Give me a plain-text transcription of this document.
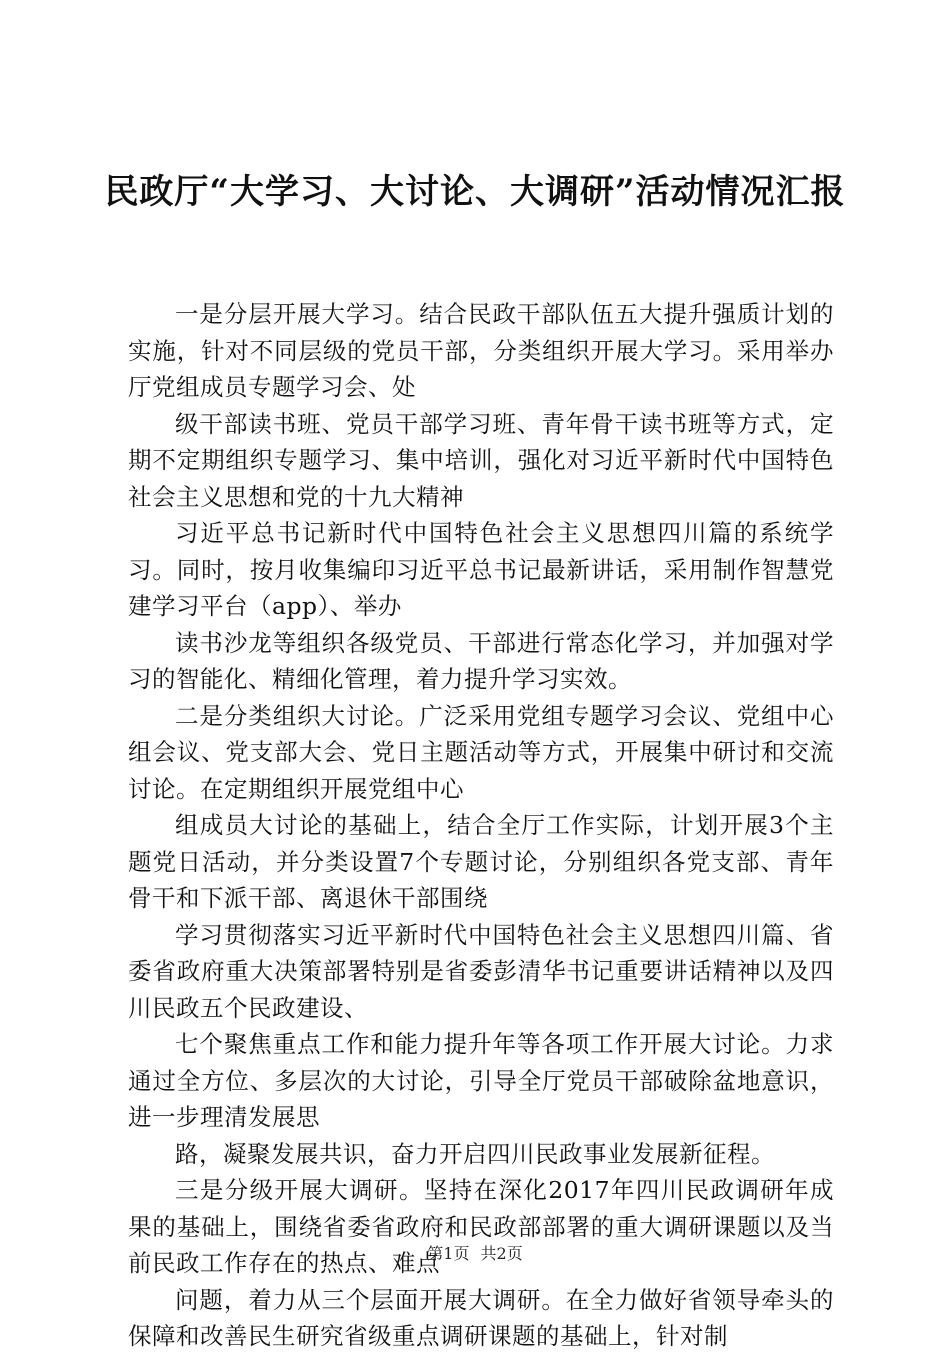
民政厅“大学习、大讨论、大调研”活动情况汇报

一是分层开展大学习。结合民政干部队伍五大提升强质计划的实施，针对不同层级的党员干部，分类组织开展大学习。采用举办厅党组成员专题学习会、处

级干部读书班、党员干部学习班、青年骨干读书班等方式，定期不定期组织专题学习、集中培训，强化对习近平新时代中国特色社会主义思想和党的十九大精神

习近平总书记新时代中国特色社会主义思想四川篇的系统学习。同时，按月收集编印习近平总书记最新讲话，采用制作智慧党建学习平台（app）、举办

读书沙龙等组织各级党员、干部进行常态化学习，并加强对学习的智能化、精细化管理，着力提升学习实效。

二是分类组织大讨论。广泛采用党组专题学习会议、党组中心组会议、党支部大会、党日主题活动等方式，开展集中研讨和交流讨论。在定期组织开展党组中心

组成员大讨论的基础上，结合全厅工作实际，计划开展3个主题党日活动，并分类设置7个专题讨论，分别组织各党支部、青年骨干和下派干部、离退休干部围绕

学习贯彻落实习近平新时代中国特色社会主义思想四川篇、省委省政府重大决策部署特别是省委彭清华书记重要讲话精神以及四川民政五个民政建设、

七个聚焦重点工作和能力提升年等各项工作开展大讨论。力求通过全方位、多层次的大讨论，引导全厅党员干部破除盆地意识，进一步理清发展思

路，凝聚发展共识，奋力开启四川民政事业发展新征程。

三是分级开展大调研。坚持在深化2017年四川民政调研年成果的基础上，围绕省委省政府和民政部部署的重大调研课题以及当前民政工作存在的热点、难点

问题，着力从三个层面开展大调研。在全力做好省领导牵头的保障和改善民生研究省级重点调研课题的基础上，针对制

第1页 共2页
